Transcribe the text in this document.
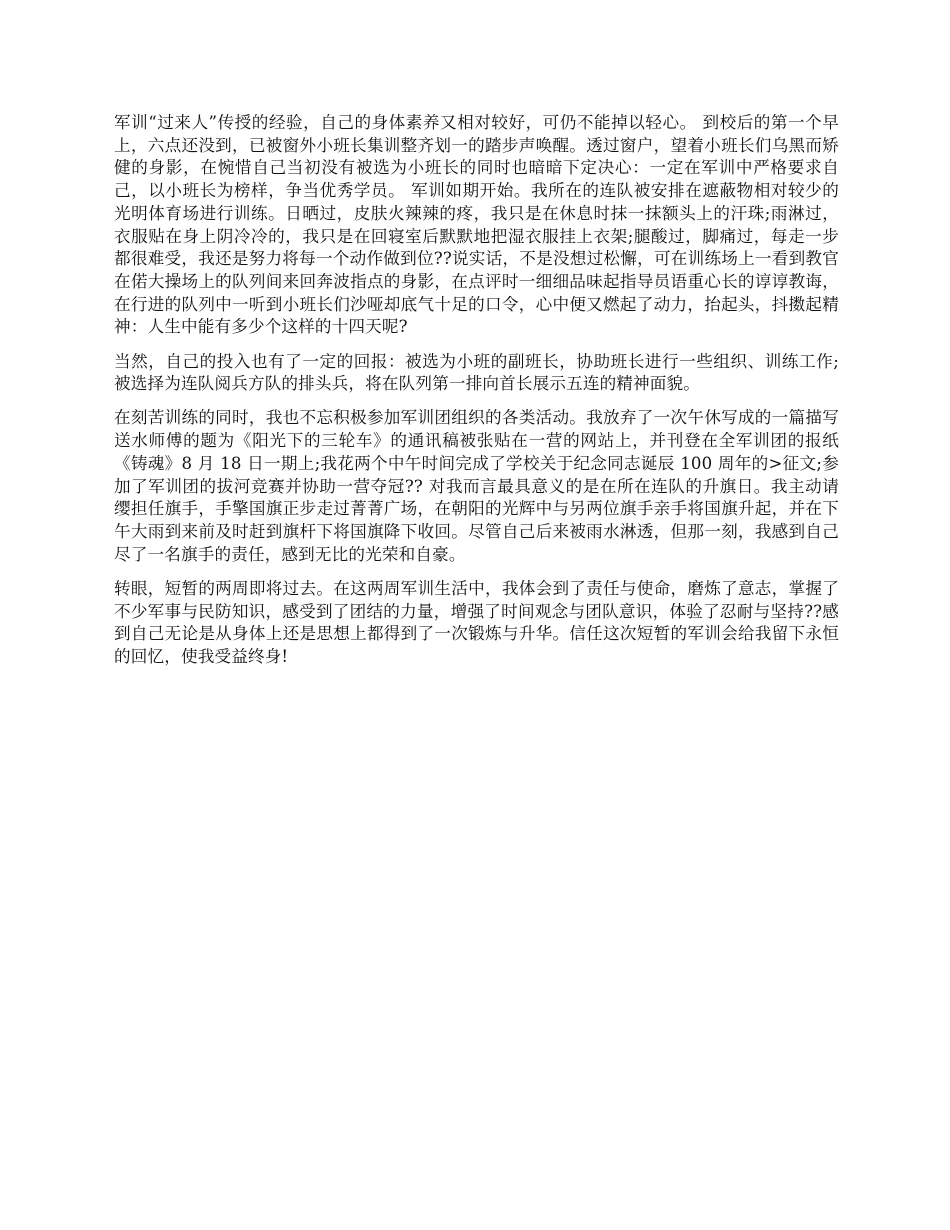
军训“过来人”传授的经验，自己的身体素养又相对较好，可仍不能掉以轻心。 到校后的第一个早上，六点还没到，已被窗外小班长集训整齐划一的踏步声唤醒。透过窗户，望着小班长们乌黑而矫健的身影，在惋惜自己当初没有被选为小班长的同时也暗暗下定决心：一定在军训中严格要求自己，以小班长为榜样，争当优秀学员。 军训如期开始。我所在的连队被安排在遮蔽物相对较少的光明体育场进行训练。日晒过，皮肤火辣辣的疼，我只是在休息时抹一抹额头上的汗珠;雨淋过，衣服贴在身上阴冷冷的，我只是在回寝室后默默地把湿衣服挂上衣架;腿酸过，脚痛过，每走一步都很难受，我还是努力将每一个动作做到位??说实话，不是没想过松懈，可在训练场上一看到教官在偌大操场上的队列间来回奔波指点的身影，在点评时一细细品味起指导员语重心长的谆谆教诲，在行进的队列中一听到小班长们沙哑却底气十足的口令，心中便又燃起了动力，抬起头，抖擞起精神：人生中能有多少个这样的十四天呢?

当然，自己的投入也有了一定的回报：被选为小班的副班长，协助班长进行一些组织、训练工作;被选择为连队阅兵方队的排头兵，将在队列第一排向首长展示五连的精神面貌。

在刻苦训练的同时，我也不忘积极参加军训团组织的各类活动。我放弃了一次午休写成的一篇描写送水师傅的题为《阳光下的三轮车》的通讯稿被张贴在一营的网站上，并刊登在全军训团的报纸《铸魂》8 月 18 日一期上;我花两个中午时间完成了学校关于纪念同志诞辰 100 周年的>征文;参加了军训团的拔河竞赛并协助一营夺冠?? 对我而言最具意义的是在所在连队的升旗日。我主动请缨担任旗手，手擎国旗正步走过菁菁广场，在朝阳的光辉中与另两位旗手亲手将国旗升起，并在下午大雨到来前及时赶到旗杆下将国旗降下收回。尽管自己后来被雨水淋透，但那一刻，我感到自己尽了一名旗手的责任，感到无比的光荣和自豪。

转眼，短暂的两周即将过去。在这两周军训生活中，我体会到了责任与使命，磨炼了意志，掌握了不少军事与民防知识，感受到了团结的力量，增强了时间观念与团队意识，体验了忍耐与坚持??感到自己无论是从身体上还是思想上都得到了一次锻炼与升华。信任这次短暂的军训会给我留下永恒的回忆，使我受益终身!
